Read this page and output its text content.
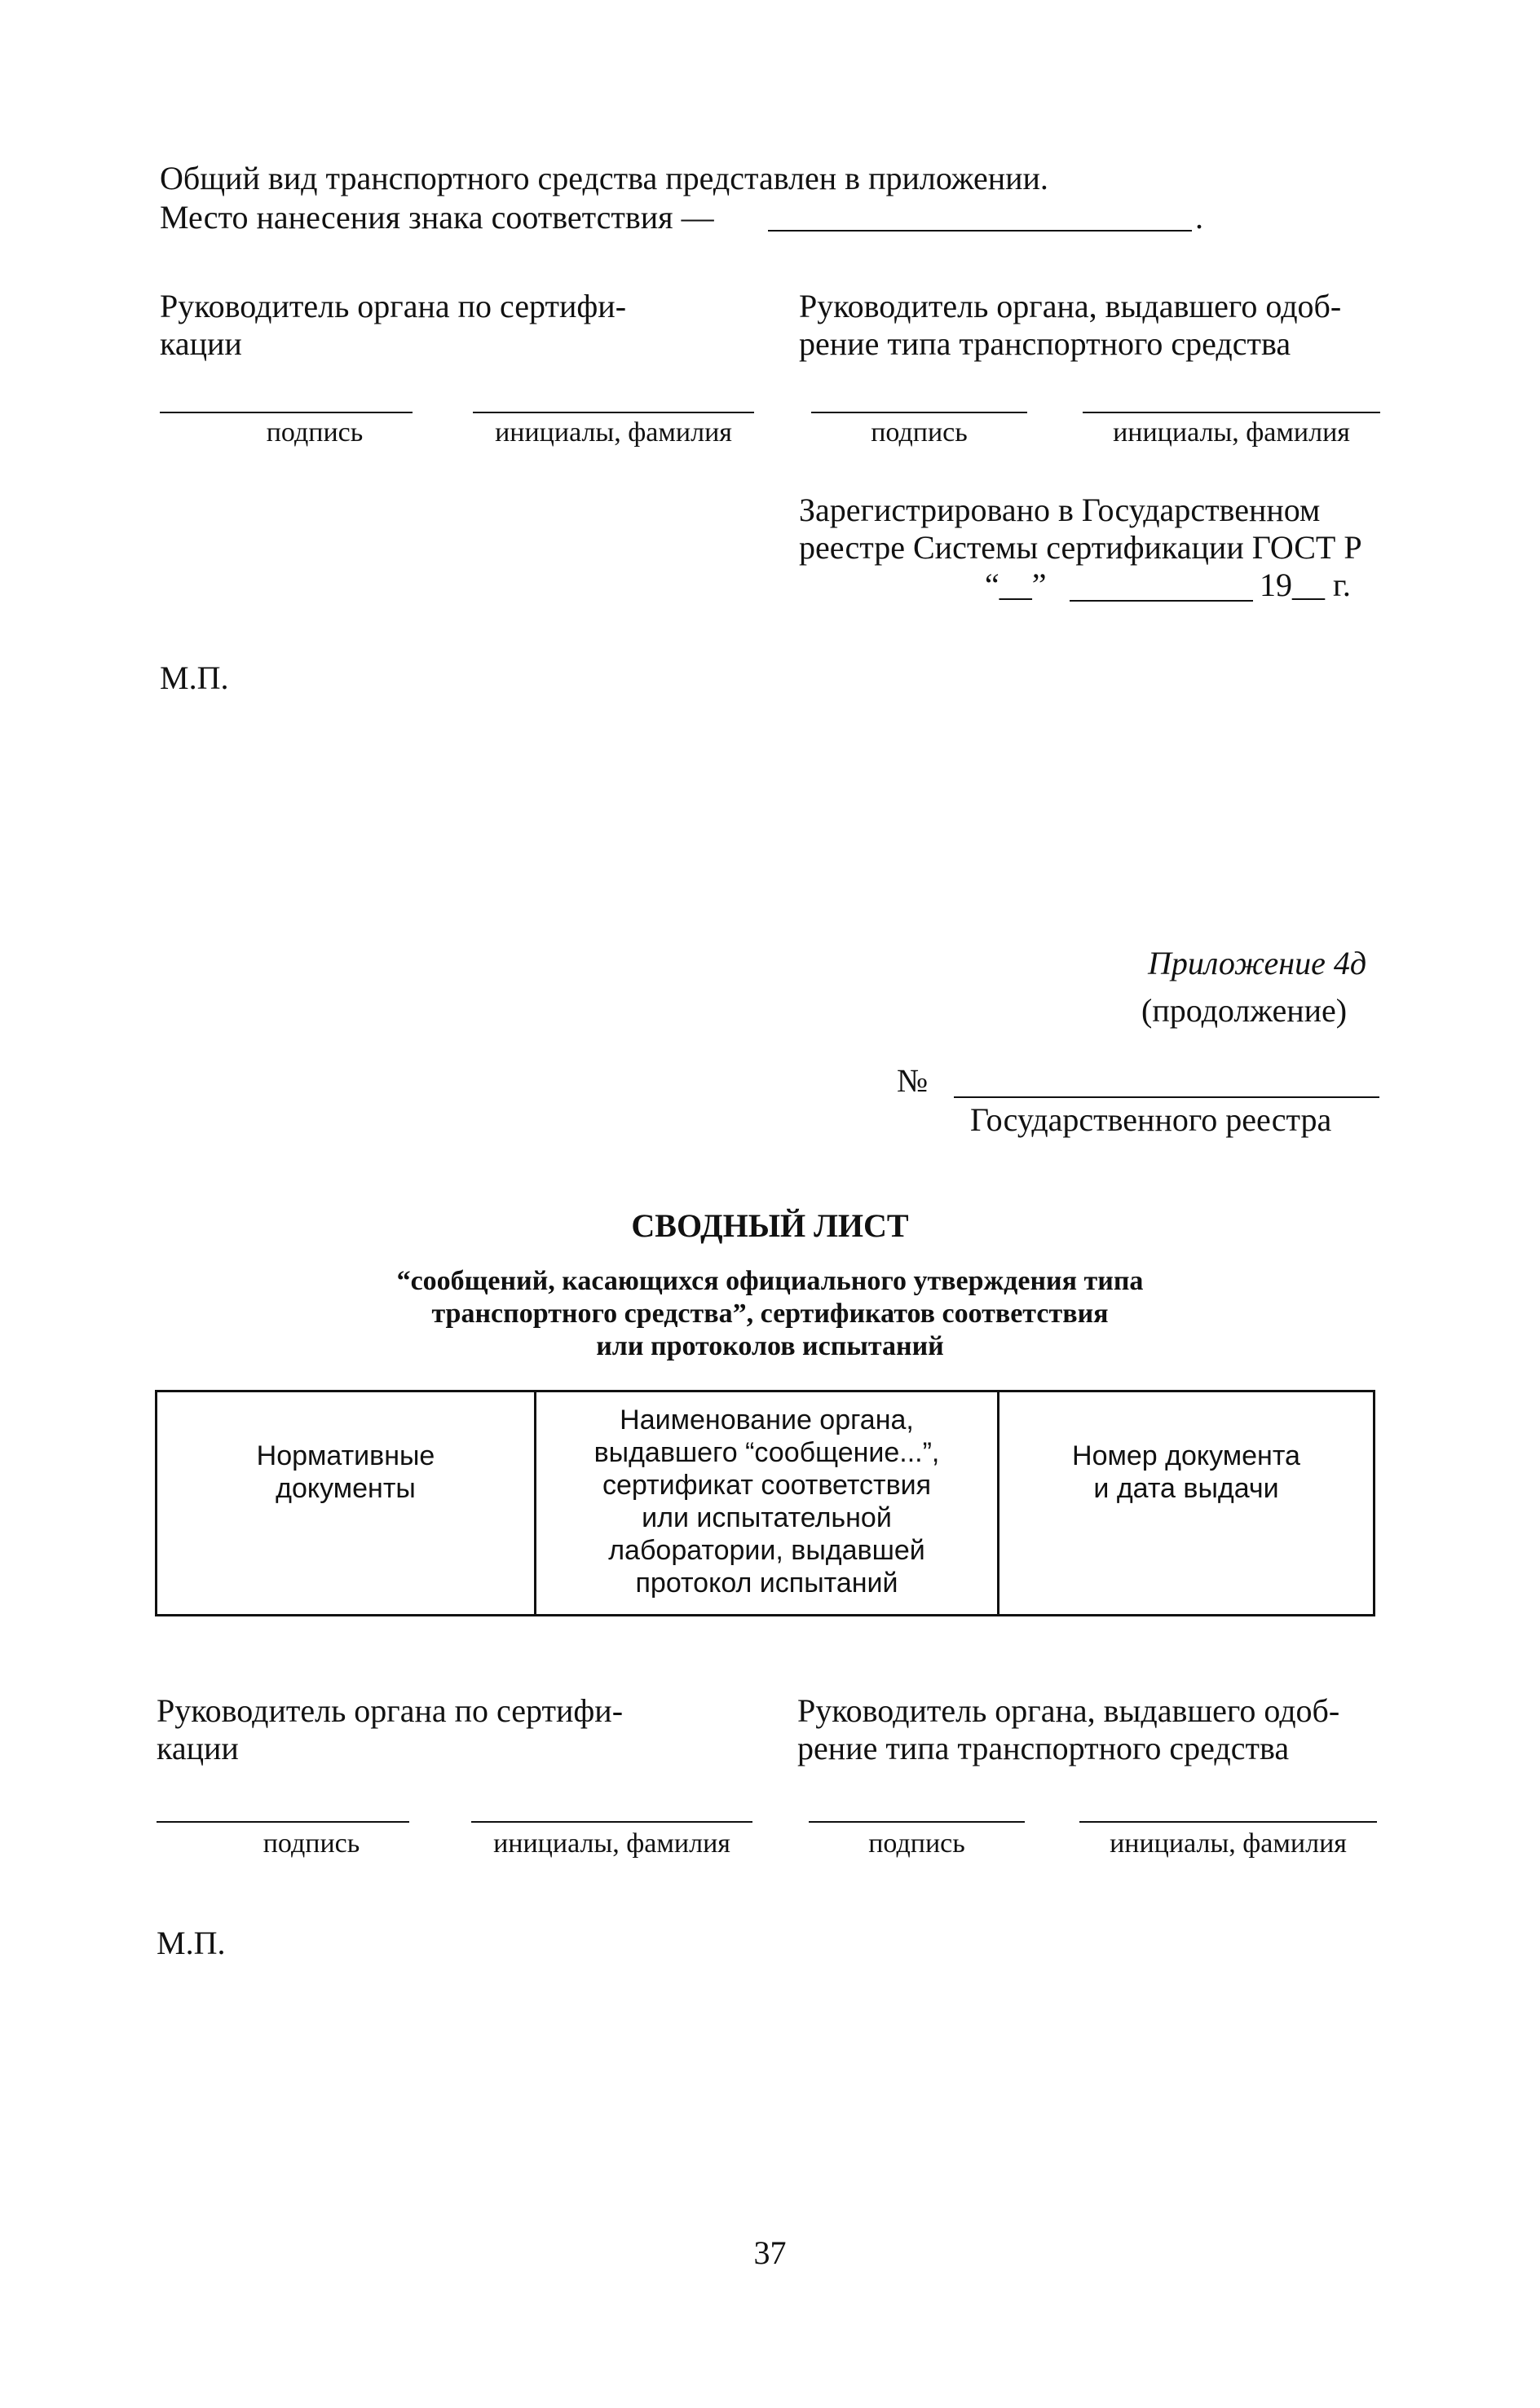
Общий вид транспортного средства представлен в приложении.
Место нанесения знака соответствия —	.
Руководитель органа по сертифи-
кации
Руководитель органа, выдавшего одоб-
рение типа транспортного средства
подпись	инициалы, фамилия	подпись	инициалы, фамилия
Зарегистрировано в Государственном
реестре Системы сертификации ГОСТ Р
“__”	19__ г.
М.П.
Приложение 4д
(продолжение)
№
Государственного реестра
СВОДНЫЙ ЛИСТ
“сообщений, касающихся официального утверждения типа
транспортного средства”, сертификатов соответствия
или протоколов испытаний
Нормативные
документы

Наименование органа,
выдавшего “сообщение...”,
сертификат соответствия
или испытательной
лаборатории, выдавшей
протокол испытаний

Номер документа
и дата выдачи
Руководитель органа по сертифи-
кации
Руководитель органа, выдавшего одоб-
рение типа транспортного средства
подпись	инициалы, фамилия	подпись	инициалы, фамилия
М.П.
37
